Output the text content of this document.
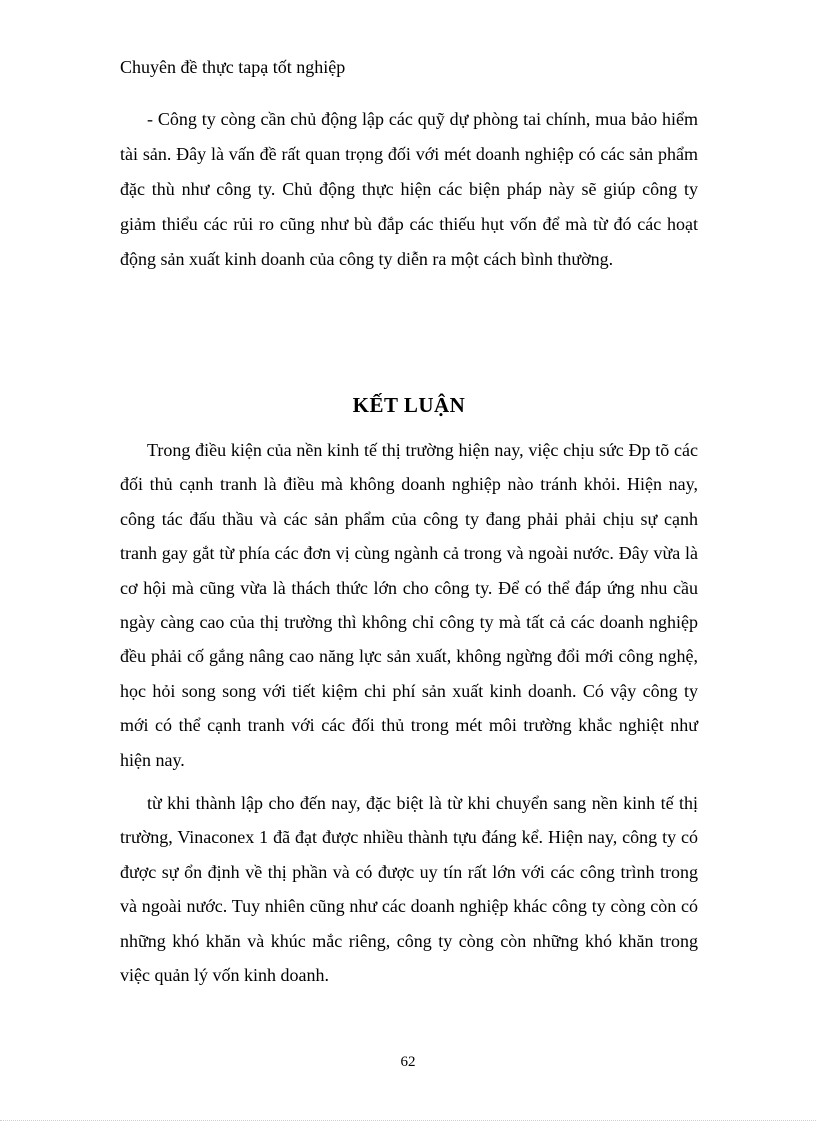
Chuyên đề thực tapạ tốt nghiệp

- Công ty còng cần chủ động lập các quỹ dự phòng tai chính, mua bảo hiểm tài sản. Đây là vấn đề rất quan trọng đối với mét doanh nghiệp có các sản phẩm đặc thù như công ty. Chủ động thực hiện các biện pháp này sẽ giúp công ty giảm thiểu các rủi ro cũng như bù đắp các thiếu hụt vốn để mà từ đó các hoạt động sản xuất kinh doanh của công ty diễn ra một cách bình thường.

KẾT LUẬN

Trong điều kiện của nền kinh tế thị trường hiện nay, việc chịu sức Ðp tõ các đối thủ cạnh tranh là điều mà không doanh nghiệp nào tránh khỏi. Hiện nay, công tác đấu thầu và các sản phẩm của công ty đang phải phải chịu sự cạnh tranh gay gắt từ phía các đơn vị cùng ngành cả trong và ngoài nước. Đây vừa là cơ hội mà cũng vừa là thách thức lớn cho công ty. Để có thể đáp ứng nhu cầu ngày càng cao của thị trường thì không chỉ công ty mà tất cả các doanh nghiệp đều phải cố gắng nâng cao năng lực sản xuất, không ngừng đổi mới công nghệ, học hỏi song song với tiết kiệm chi phí sản xuất kinh doanh. Có vậy công ty mới có thể cạnh tranh với các đối thủ trong mét môi trường khắc nghiệt như hiện nay.

từ khi thành lập cho đến nay, đặc biệt là từ khi chuyển sang nền kinh tế thị trường, Vinaconex 1 đã đạt được nhiều thành tựu đáng kể. Hiện nay, công ty có được sự ổn định về thị phần và có được uy tín rất lớn với các công trình trong và ngoài nước. Tuy nhiên cũng như các doanh nghiệp khác công ty còng còn có những khó khăn và khúc mắc riêng, công ty còng còn những khó khăn trong việc quản lý vốn kinh doanh.

62
